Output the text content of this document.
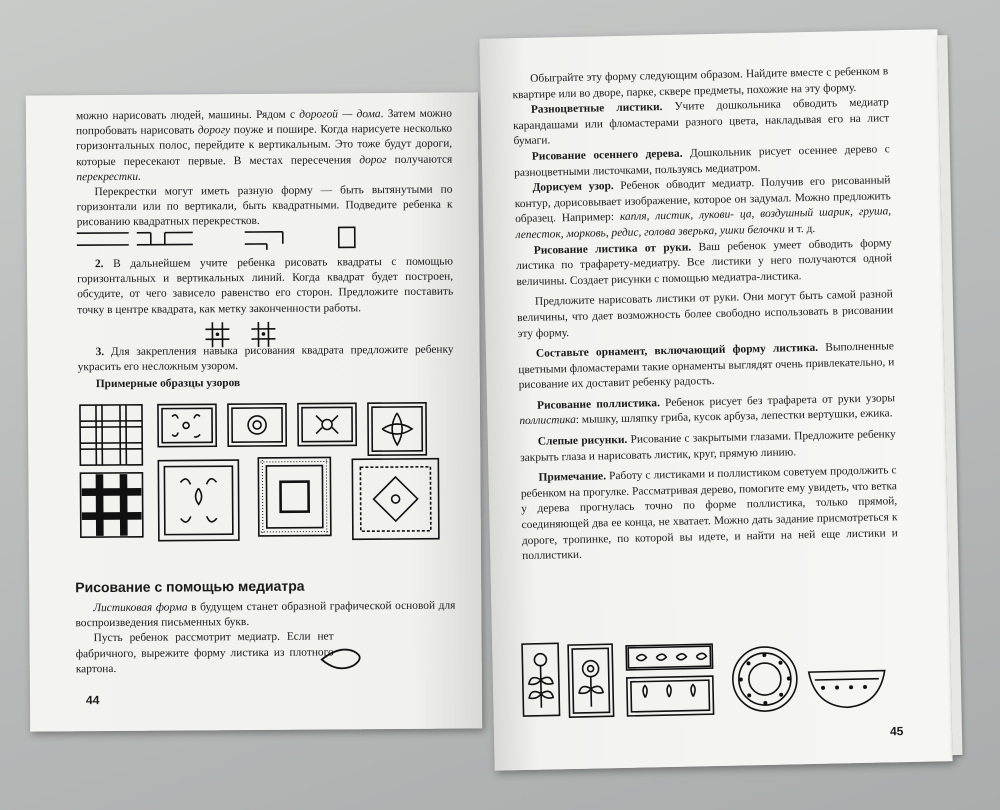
можно нарисовать людей, машины. Рядом с дорогой — дома. Затем можно попробовать нарисовать дорогу поуже и пошире. Когда нарисуете несколько горизонтальных полос, перейдите к вертикальным. Это тоже будут дороги, которые пересекают первые. В местах пересечения дорог получаются перекрестки.

Перекрестки могут иметь разную форму — быть вытянутыми по горизонтали или по вертикали, быть квадратными. Подведите ребенка к рисованию квадратных перекрестков.

2. В дальнейшем учите ребенка рисовать квадраты с помощью горизонтальных и вертикальных линий. Когда квадрат будет построен, обсудите, от чего зависело равенство его сторон. Предложите поставить точку в центре квадрата, как метку законченности работы.

3. Для закрепления навыка рисования квадрата предложите ребенку украсить его несложным узором.

Примерные образцы узоров

Рисование с помощью медиатра

Листиковая форма в будущем станет образной графической основой для воспроизведения письменных букв.

Пусть ребенок рассмотрит медиатр. Если нет фабричного, вырежите форму листика из плотного картона.

44

Обыграйте эту форму следующим образом. Найдите вместе с ребенком в квартире или во дворе, парке, сквере предметы, похожие на эту форму.

Разноцветные листики. Учите дошкольника обводить медиатр карандашами или фломастерами разного цвета, накладывая его на лист бумаги.

Рисование осеннего дерева. Дошкольник рисует осеннее дерево с разноцветными листочками, пользуясь медиатром.

Дорисуем узор. Ребенок обводит медиатр. Получив его рисованный контур, дорисовывает изображение, которое он задумал. Можно предложить образец. Например: капля, листик, лукови- ца, воздушный шарик, груша, лепесток, морковь, редис, голова зверька, ушки белочки и т. д.

Рисование листика от руки. Ваш ребенок умеет обводить форму листика по трафарету-медиатру. Все листики у него получаются одной величины. Создает рисунки с помощью медиатра-листика.

Предложите нарисовать листики от руки. Они могут быть самой разной величины, что дает возможность более свободно использовать в рисовании эту форму.

Составьте орнамент, включающий форму листика. Выполненные цветными фломастерами такие орнаменты выглядят очень привлекательно, и рисование их доставит ребенку радость.

Рисование поллистика. Ребенок рисует без трафарета от руки узоры поллистика: мышку, шляпку гриба, кусок арбуза, лепестки вертушки, ежика.

Слепые рисунки. Рисование с закрытыми глазами. Предложите ребенку закрыть глаза и нарисовать листик, круг, прямую линию.

Примечание. Работу с листиками и поллистиком советуем продолжить с ребенком на прогулке. Рассматривая дерево, помогите ему увидеть, что ветка у дерева прогнулась точно по форме поллистика, только прямой, соединяющей два ее конца, не хватает. Можно дать задание присмотреться к дороге, тропинке, по которой вы идете, и найти на ней еще листики и поллистики.

45
